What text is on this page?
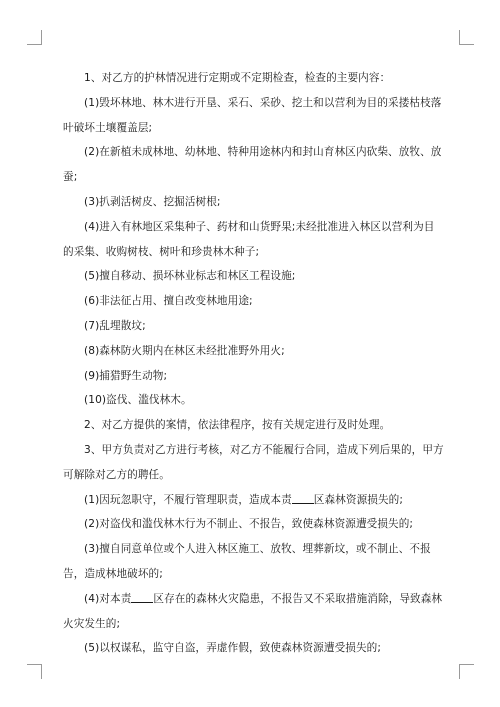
1、对乙方的护林情况进行定期或不定期检查，检查的主要内容：

(1)毁坏林地、林木进行开垦、采石、采砂、挖土和以营利为目的采搂枯枝落叶破坏土壤覆盖层;

(2)在新植未成林地、幼林地、特种用途林内和封山育林区内砍柴、放牧、放蚕;

(3)扒剥活树皮、挖掘活树根;

(4)进入有林地区采集种子、药材和山货野果;未经批准进入林区以营利为目的采集、收购树枝、树叶和珍贵林木种子;

(5)擅自移动、损坏林业标志和林区工程设施;

(6)非法征占用、擅自改变林地用途;

(7)乱埋散坟;

(8)森林防火期内在林区未经批准野外用火;

(9)捕猎野生动物;

(10)盗伐、滥伐林木。

2、对乙方提供的案情，依法律程序，按有关规定进行及时处理。

3、甲方负责对乙方进行考核，对乙方不能履行合同，造成下列后果的，甲方可解除对乙方的聘任。

(1)因玩忽职守，不履行管理职责，造成本责 区森林资源损失的;

(2)对盗伐和滥伐林木行为不制止、不报告，致使森林资源遭受损失的;

(3)擅自同意单位或个人进入林区施工、放牧、埋葬新坟，或不制止、不报告，造成林地破坏的;

(4)对本责 区存在的森林火灾隐患，不报告又不采取措施消除，导致森林火灾发生的;

(5)以权谋私，监守自盗，弄虚作假，致使森林资源遭受损失的;
